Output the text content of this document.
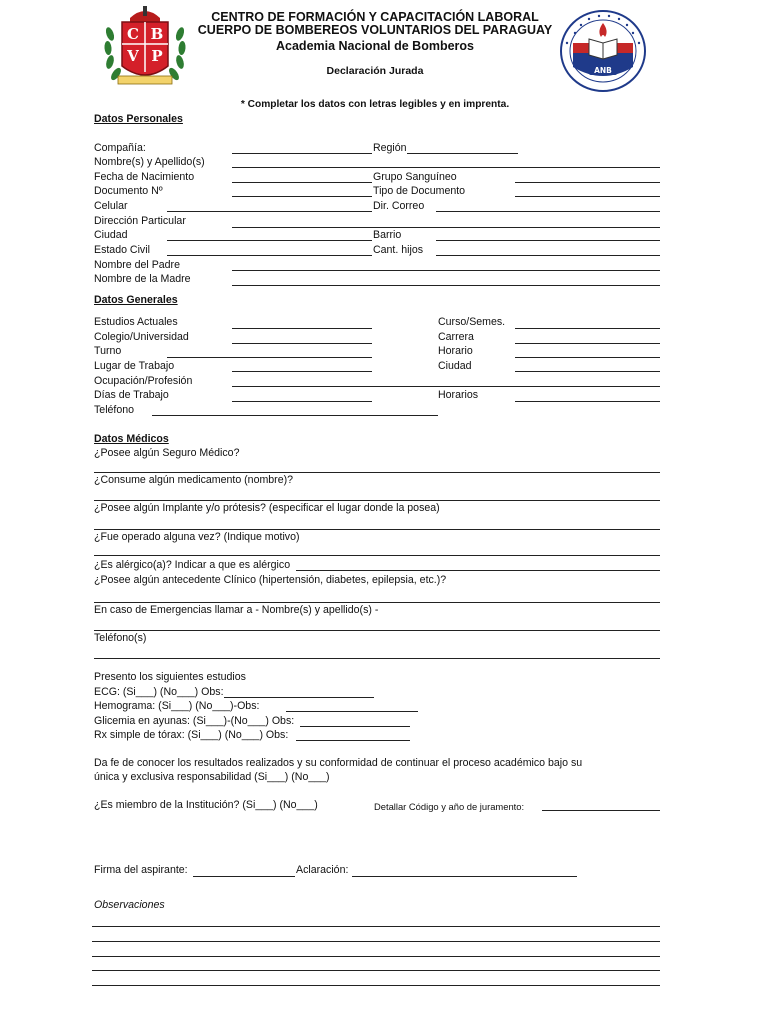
C B
V P
CENTRO DE FORMACIÓN Y CAPACITACIÓN LABORAL
CUERPO DE BOMBEREOS VOLUNTARIOS DEL PARAGUAY
Academia Nacional de Bomberos
Declaración Jurada	ANB
* Completar los datos con letras legibles y en imprenta.
Datos Personales
Compañía:	Región
Nombre(s) y Apellido(s)
Fecha de Nacimiento	Grupo Sanguíneo
Documento Nº	Tipo de Documento
Celular	Dir. Correo
Dirección Particular
Ciudad	Barrio
Estado Civil	Cant. hijos
Nombre del Padre
Nombre de la Madre
Datos Generales
Estudios Actuales	Curso/Semes.
Colegio/Universidad	Carrera
Turno	Horario
Lugar de Trabajo	Ciudad
Ocupación/Profesión
Días de Trabajo	Horarios
Teléfono
Datos Médicos
¿Posee algún Seguro Médico?
¿Consume algún medicamento (nombre)?
¿Posee algún Implante y/o prótesis? (especificar el lugar donde la posea)
¿Fue operado alguna vez? (Indique motivo)
¿Es alérgico(a)? Indicar a que es alérgico
¿Posee algún antecedente Clínico (hipertensión, diabetes, epilepsia, etc.)?
En caso de Emergencias llamar a - Nombre(s) y apellido(s) -
Teléfono(s)
Presento los siguientes estudios
ECG: (Si___) (No___) Obs:
Hemograma: (Si___) (No___)-Obs:
Glicemia en ayunas: (Si___)-(No___) Obs:
Rx simple de tórax: (Si___) (No___) Obs:
Da fe de conocer los resultados realizados y su conformidad de continuar el proceso académico bajo su
única y exclusiva responsabilidad (Si___) (No___)
¿Es miembro de la Institución? (Si___) (No___)	Detallar Código y año de juramento:
Firma del aspirante:	Aclaración:
Observaciones
